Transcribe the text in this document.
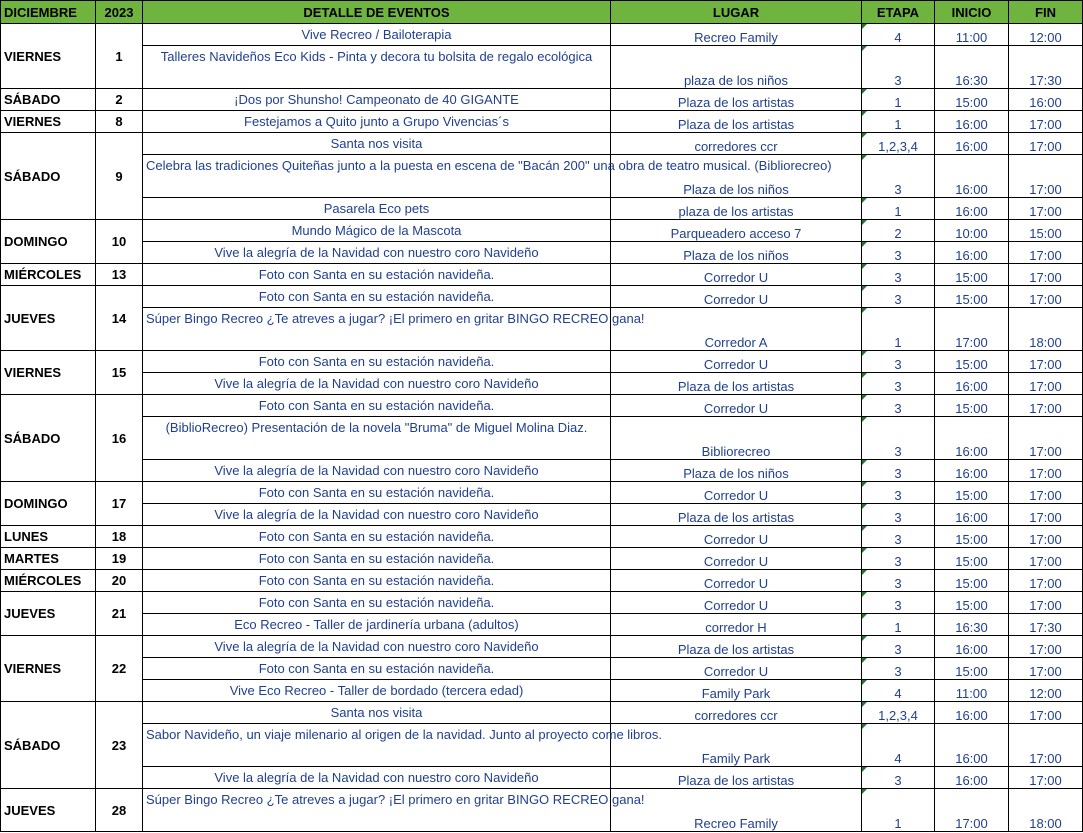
DICIEMBRE	2023	DETALLE DE EVENTOS	LUGAR	ETAPA	INICIO	FIN
VIERNES	1	Vive Recreo / Bailoterapia	Recreo Family	4	11:00	12:00
		Talleres Navideños Eco Kids - Pinta y decora tu bolsita de regalo ecológica	plaza de los niños	3	16:30	17:30
SÁBADO	2	¡Dos por Shunsho! Campeonato de 40 GIGANTE	Plaza de los artistas	1	15:00	16:00
VIERNES	8	Festejamos a Quito junto a Grupo Vivencias´s	Plaza de los artistas	1	16:00	17:00
SÁBADO	9	Santa nos visita	corredores ccr	1,2,3,4	16:00	17:00
		Celebra las tradiciones Quiteñas junto a la puesta en escena de "Bacán 200" una obra de teatro musical. (Bibliorecreo)	Plaza de los niños	3	16:00	17:00
		Pasarela Eco pets	plaza de los artistas	1	16:00	17:00
DOMINGO	10	Mundo Mágico de la Mascota	Parqueadero acceso 7	2	10:00	15:00
		Vive la alegría de la Navidad con nuestro coro Navideño	Plaza de los niños	3	16:00	17:00
MIÉRCOLES	13	Foto con Santa en su estación navideña.	Corredor U	3	15:00	17:00
JUEVES	14	Foto con Santa en su estación navideña.	Corredor U	3	15:00	17:00
		Súper Bingo Recreo ¿Te atreves a jugar? ¡El primero en gritar BINGO RECREO gana!	Corredor A	1	17:00	18:00
VIERNES	15	Foto con Santa en su estación navideña.	Corredor U	3	15:00	17:00
		Vive la alegría de la Navidad con nuestro coro Navideño	Plaza de los artistas	3	16:00	17:00
SÁBADO	16	Foto con Santa en su estación navideña.	Corredor U	3	15:00	17:00
		(BiblioRecreo) Presentación de la novela "Bruma" de Miguel Molina Diaz.	Bibliorecreo	3	16:00	17:00
		Vive la alegría de la Navidad con nuestro coro Navideño	Plaza de los niños	3	16:00	17:00
DOMINGO	17	Foto con Santa en su estación navideña.	Corredor U	3	15:00	17:00
		Vive la alegría de la Navidad con nuestro coro Navideño	Plaza de los artistas	3	16:00	17:00
LUNES	18	Foto con Santa en su estación navideña.	Corredor U	3	15:00	17:00
MARTES	19	Foto con Santa en su estación navideña.	Corredor U	3	15:00	17:00
MIÉRCOLES	20	Foto con Santa en su estación navideña.	Corredor U	3	15:00	17:00
JUEVES	21	Foto con Santa en su estación navideña.	Corredor U	3	15:00	17:00
		Eco Recreo - Taller de jardinería urbana (adultos)	corredor H	1	16:30	17:30
VIERNES	22	Vive la alegría de la Navidad con nuestro coro Navideño	Plaza de los artistas	3	16:00	17:00
		Foto con Santa en su estación navideña.	Corredor U	3	15:00	17:00
		Vive Eco Recreo - Taller de bordado (tercera edad)	Family Park	4	11:00	12:00
SÁBADO	23	Santa nos visita	corredores ccr	1,2,3,4	16:00	17:00
		Sabor Navideño, un viaje milenario al origen de la navidad. Junto al proyecto come libros.	Family Park	4	16:00	17:00
		Vive la alegría de la Navidad con nuestro coro Navideño	Plaza de los artistas	3	16:00	17:00
JUEVES	28	Súper Bingo Recreo ¿Te atreves a jugar? ¡El primero en gritar BINGO RECREO gana!	Recreo Family	1	17:00	18:00
